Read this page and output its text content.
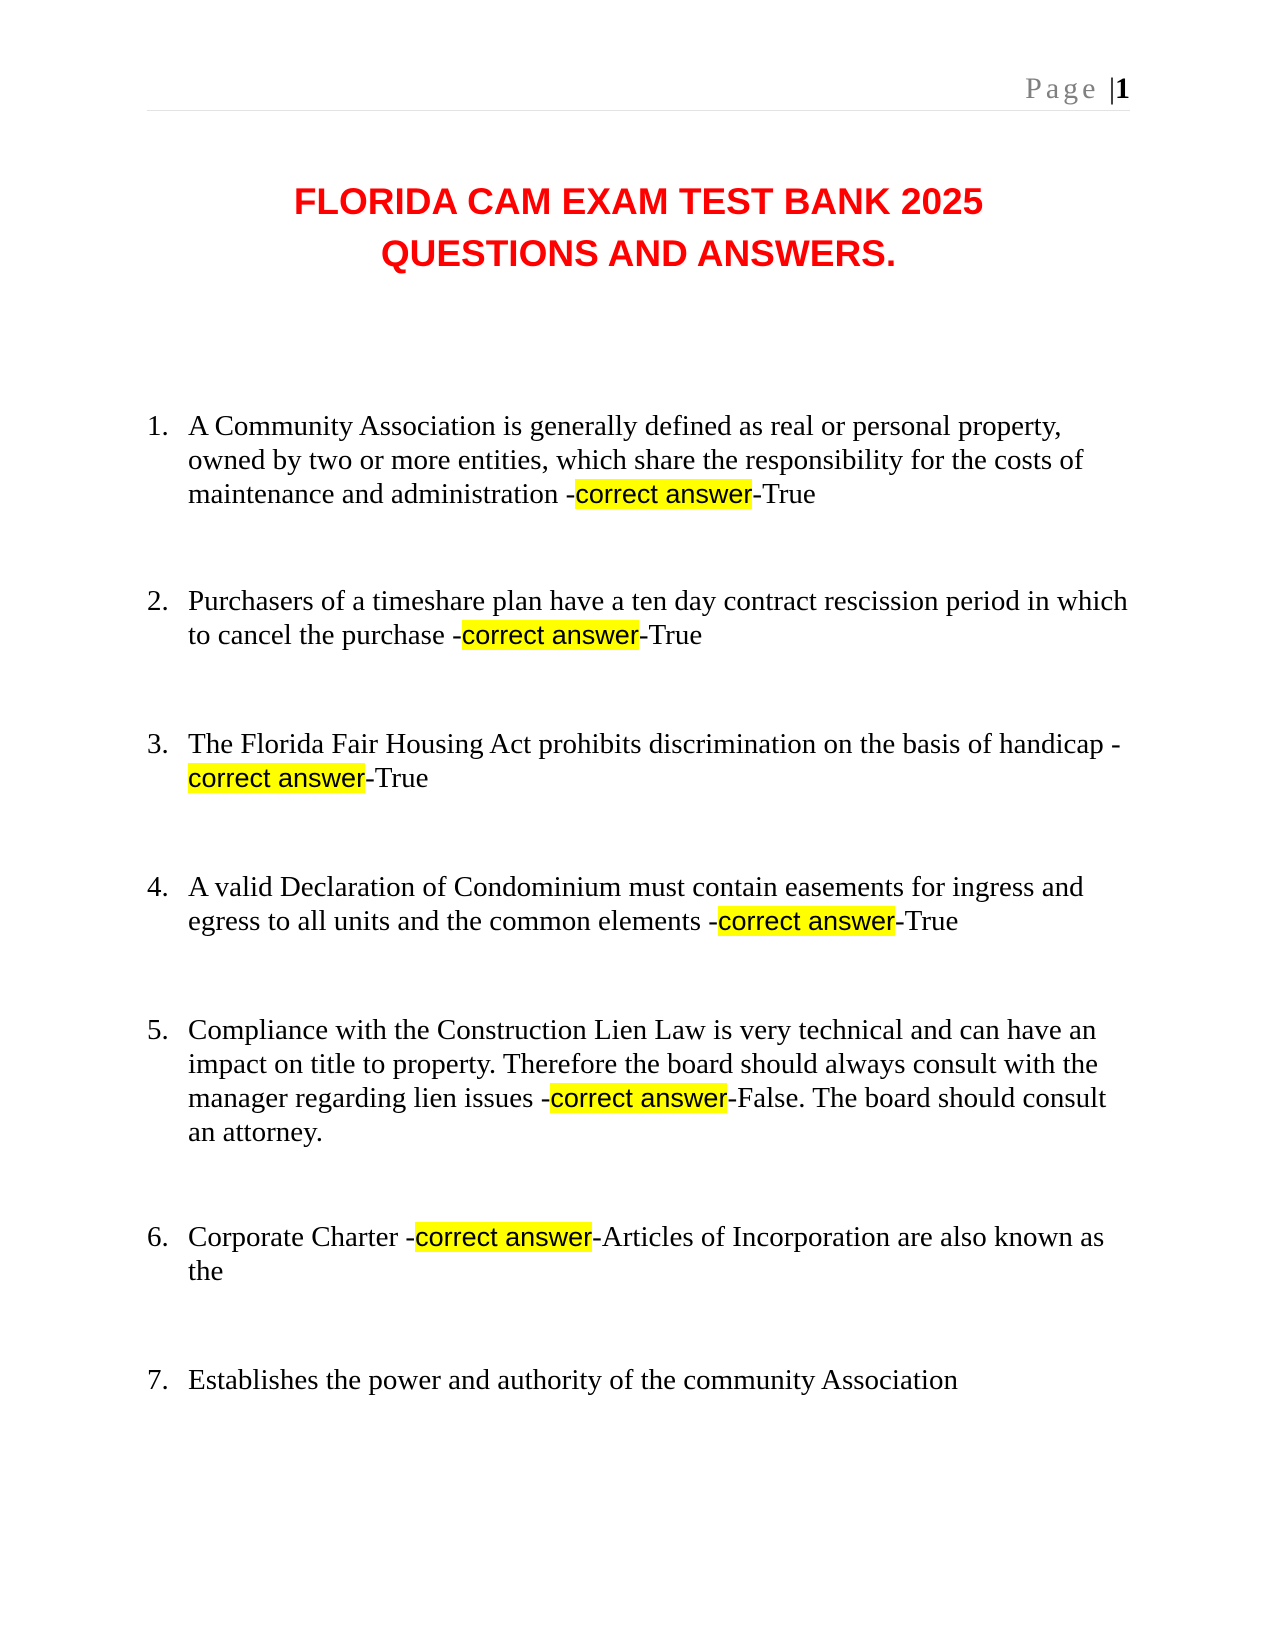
Page |1
FLORIDA CAM EXAM TEST BANK 2025
QUESTIONS AND ANSWERS.
1. A Community Association is generally defined as real or personal property, owned by two or more entities, which share the responsibility for the costs of maintenance and administration -correct answer-True
2. Purchasers of a timeshare plan have a ten day contract rescission period in which to cancel the purchase -correct answer-True
3. The Florida Fair Housing Act prohibits discrimination on the basis of handicap -correct answer-True
4. A valid Declaration of Condominium must contain easements for ingress and egress to all units and the common elements -correct answer-True
5. Compliance with the Construction Lien Law is very technical and can have an impact on title to property. Therefore the board should always consult with the manager regarding lien issues -correct answer-False. The board should consult an attorney.
6. Corporate Charter -correct answer-Articles of Incorporation are also known as the
7. Establishes the power and authority of the community Association
